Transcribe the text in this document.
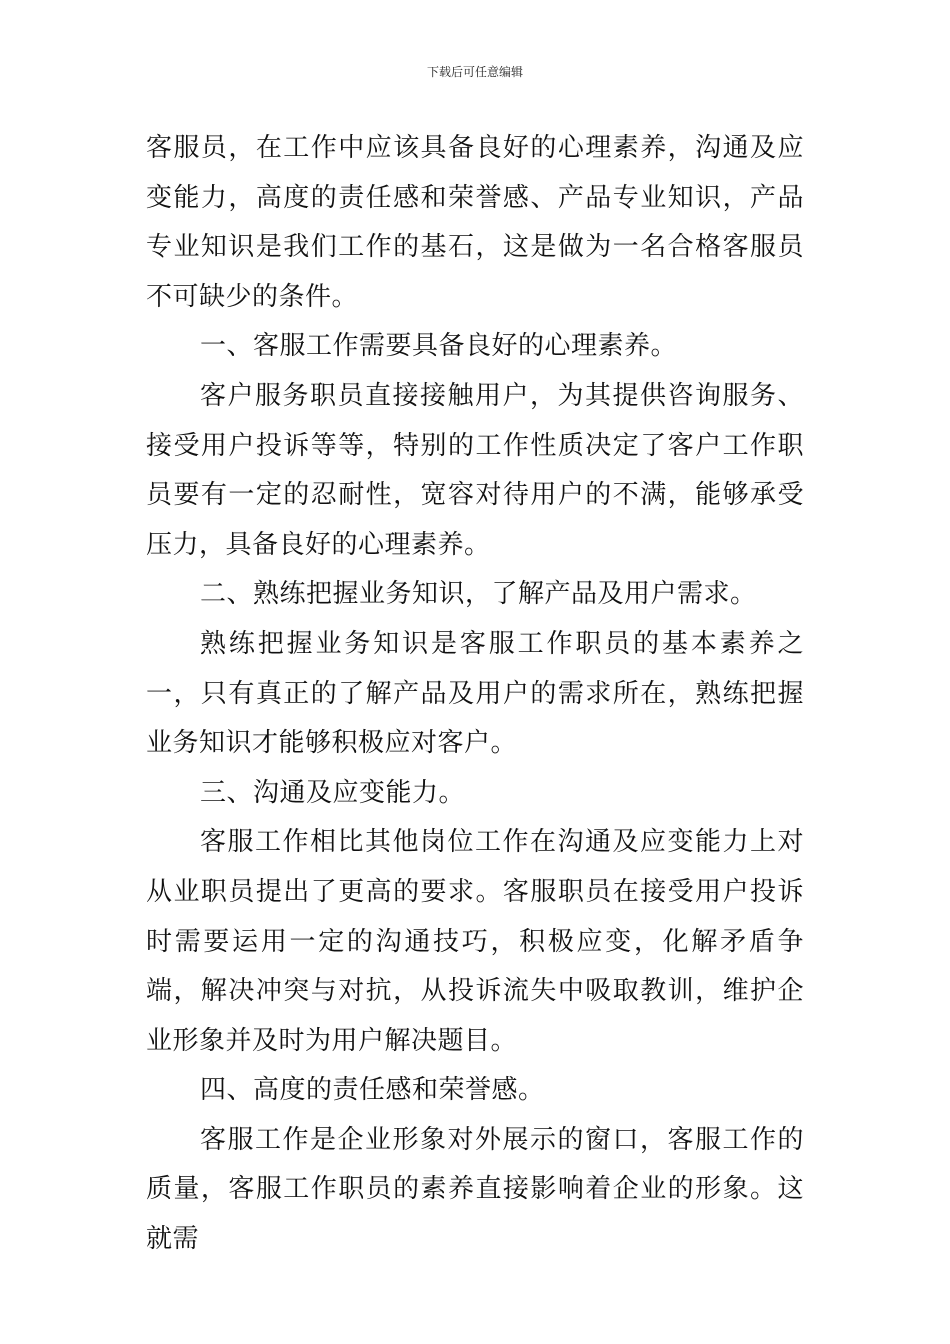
下载后可任意编辑

客服员，在工作中应该具备良好的心理素养，沟通及应变能力，高度的责任感和荣誉感、产品专业知识，产品专业知识是我们工作的基石，这是做为一名合格客服员不可缺少的条件。

一、客服工作需要具备良好的心理素养。

客户服务职员直接接触用户，为其提供咨询服务、接受用户投诉等等，特别的工作性质决定了客户工作职员要有一定的忍耐性，宽容对待用户的不满，能够承受压力，具备良好的心理素养。

二、熟练把握业务知识，了解产品及用户需求。

熟练把握业务知识是客服工作职员的基本素养之一，只有真正的了解产品及用户的需求所在，熟练把握业务知识才能够积极应对客户。

三、沟通及应变能力。

客服工作相比其他岗位工作在沟通及应变能力上对从业职员提出了更高的要求。客服职员在接受用户投诉时需要运用一定的沟通技巧，积极应变，化解矛盾争端，解决冲突与对抗，从投诉流失中吸取教训，维护企业形象并及时为用户解决题目。

四、高度的责任感和荣誉感。

客服工作是企业形象对外展示的窗口，客服工作的质量，客服工作职员的素养直接影响着企业的形象。这就需
